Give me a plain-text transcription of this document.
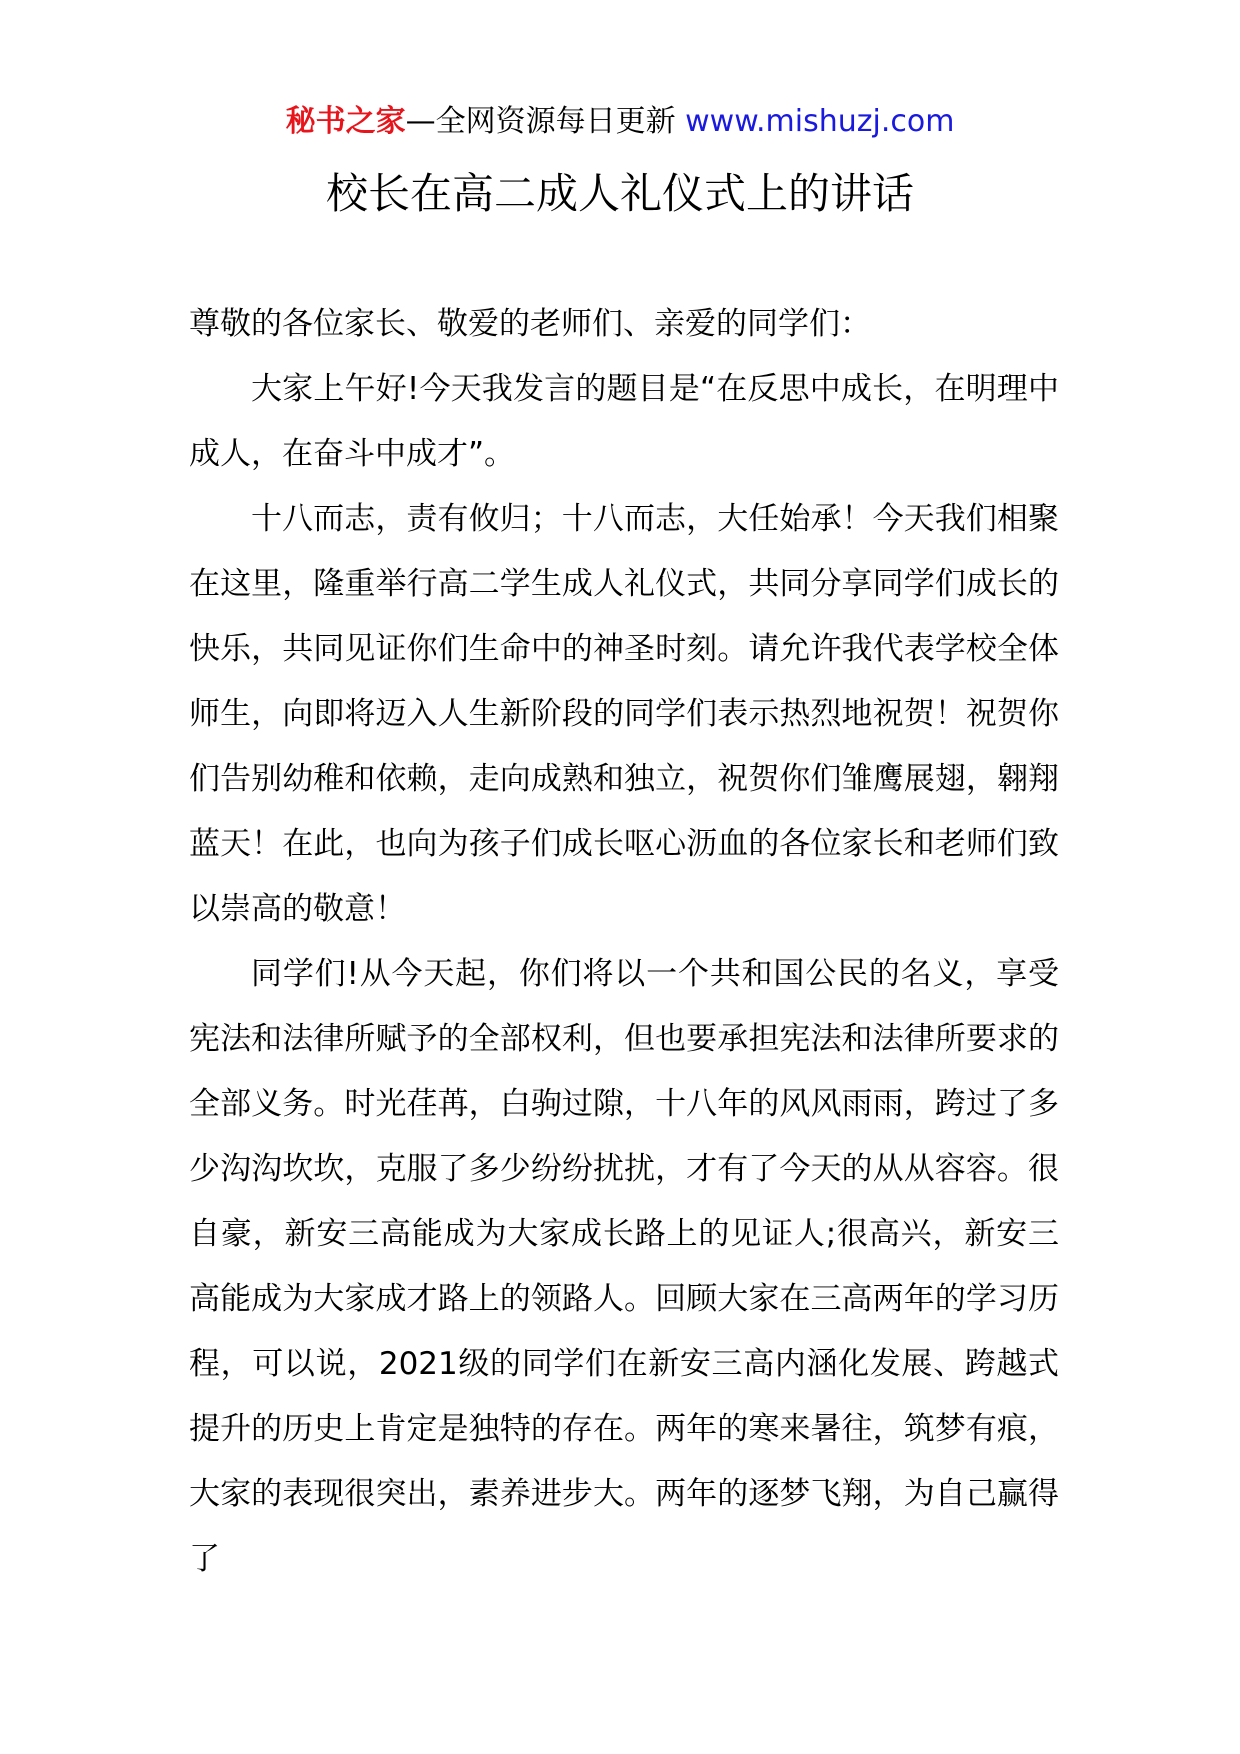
秘书之家—全网资源每日更新 www.mishuzj.com
校长在高二成人礼仪式上的讲话

尊敬的各位家长、敬爱的老师们、亲爱的同学们：

大家上午好!今天我发言的题目是“在反思中成长，在明理中成人，在奋斗中成才”。

十八而志，责有攸归；十八而志，大任始承！今天我们相聚在这里，隆重举行高二学生成人礼仪式，共同分享同学们成长的快乐，共同见证你们生命中的神圣时刻。请允许我代表学校全体师生，向即将迈入人生新阶段的同学们表示热烈地祝贺！祝贺你们告别幼稚和依赖，走向成熟和独立，祝贺你们雏鹰展翅，翱翔蓝天！在此，也向为孩子们成长呕心沥血的各位家长和老师们致以崇高的敬意！

同学们!从今天起，你们将以一个共和国公民的名义，享受宪法和法律所赋予的全部权利，但也要承担宪法和法律所要求的全部义务。时光荏苒，白驹过隙，十八年的风风雨雨，跨过了多少沟沟坎坎，克服了多少纷纷扰扰，才有了今天的从从容容。很自豪，新安三高能成为大家成长路上的见证人;很高兴，新安三高能成为大家成才路上的领路人。回顾大家在三高两年的学习历程，可以说，2021级的同学们在新安三高内涵化发展、跨越式提升的历史上肯定是独特的存在。两年的寒来暑往，筑梦有痕，大家的表现很突出，素养进步大。两年的逐梦飞翔，为自己赢得了
